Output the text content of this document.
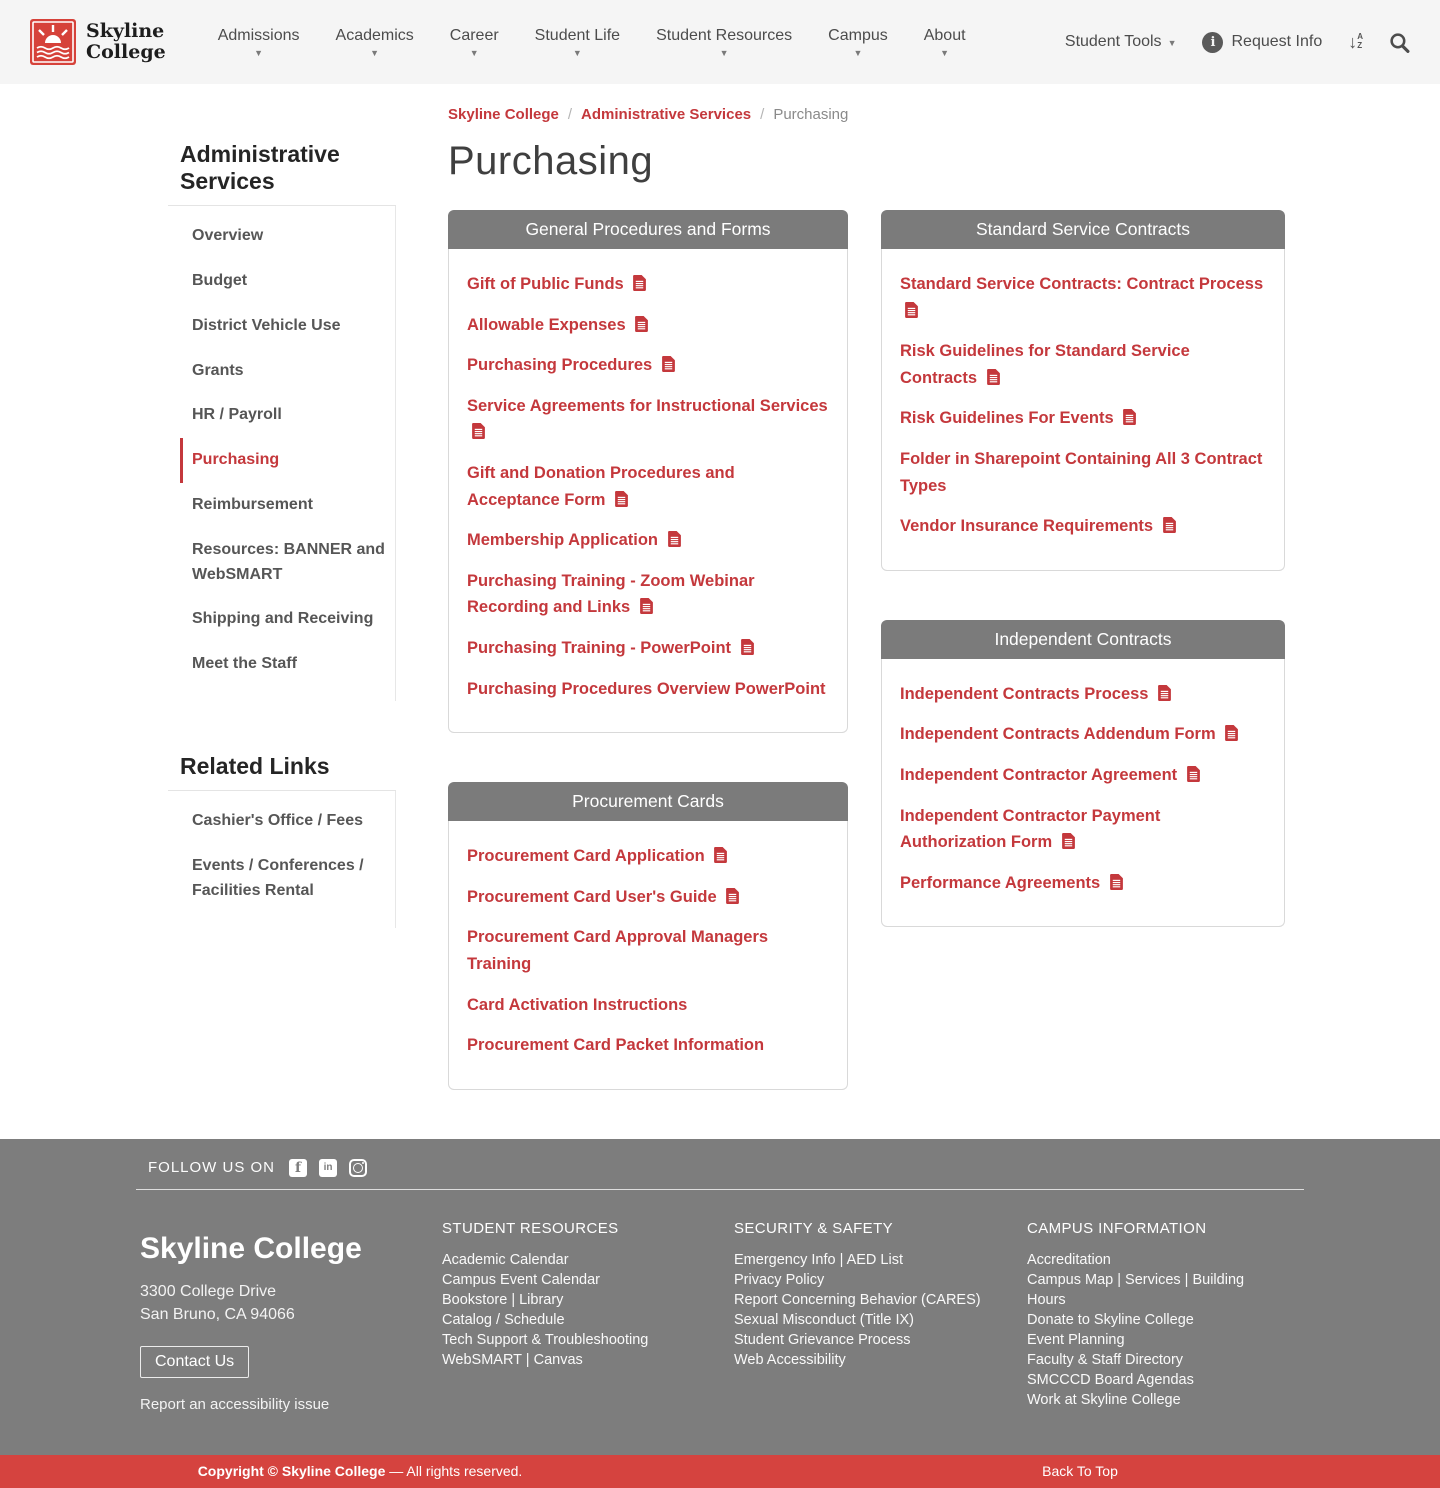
Skyline
College
Admissions
▼
Academics
▼
Career
▼
Student Life
▼
Student Resources
▼
Campus
▼
About
▼
Student Tools ▼	i	Request Info ↓ A
Z
Skyline College / Administrative Services / Purchasing
Administrative Services
Overview
Budget
District Vehicle Use
Grants
HR / Payroll
Purchasing
Reimbursement
Resources: BANNER and WebSMART
Shipping and Receiving
Meet the Staff
Related Links
Cashier's Office / Fees
Events / Conferences / Facilities Rental
Purchasing
General Procedures and Forms
Gift of Public Funds
Allowable Expenses
Purchasing Procedures
Service Agreements for Instructional Services
Gift and Donation Procedures and Acceptance Form
Membership Application
Purchasing Training - Zoom Webinar Recording and Links
Purchasing Training - PowerPoint
Purchasing Procedures Overview PowerPoint
Procurement Cards
Procurement Card Application
Procurement Card User's Guide
Procurement Card Approval Managers Training
Card Activation Instructions
Procurement Card Packet Information
Standard Service Contracts
Standard Service Contracts: Contract Process
Risk Guidelines for Standard Service Contracts
Risk Guidelines For Events
Folder in Sharepoint Containing All 3 Contract Types
Vendor Insurance Requirements
Independent Contracts
Independent Contracts Process
Independent Contracts Addendum Form
Independent Contractor Agreement
Independent Contractor Payment Authorization Form
Performance Agreements
FOLLOW US ON	f	in
Skyline College
3300 College Drive
San Bruno, CA 94066
Contact Us
Report an accessibility issue
STUDENT RESOURCES
Academic Calendar
Campus Event Calendar
Bookstore | Library
Catalog / Schedule
Tech Support & Troubleshooting
WebSMART | Canvas
SECURITY & SAFETY
Emergency Info | AED List
Privacy Policy
Report Concerning Behavior (CARES)
Sexual Misconduct (Title IX)
Student Grievance Process
Web Accessibility
CAMPUS INFORMATION
Accreditation
Campus Map | Services | Building Hours
Donate to Skyline College
Event Planning
Faculty & Staff Directory
SMCCCD Board Agendas
Work at Skyline College
Copyright © Skyline College — All rights reserved.	Back To Top
